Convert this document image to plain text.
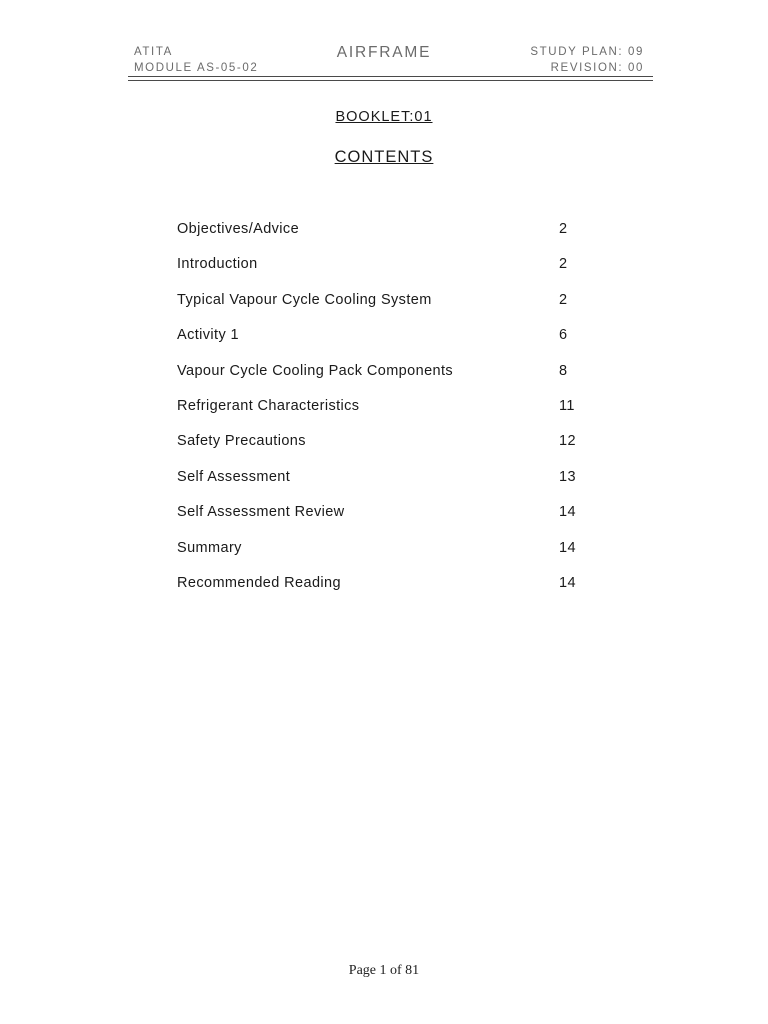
ATITA	STUDY PLAN: 09
AIRFRAME
MODULE AS-05-02	REVISION: 00
BOOKLET:01
CONTENTS
Objectives/Advice	2
Introduction	2
Typical Vapour Cycle Cooling System	2
Activity 1	6
Vapour Cycle Cooling Pack Components	8
Refrigerant Characteristics	11
Safety Precautions	12
Self Assessment	13
Self Assessment Review	14
Summary	14
Recommended Reading	14
Page 1 of 81
